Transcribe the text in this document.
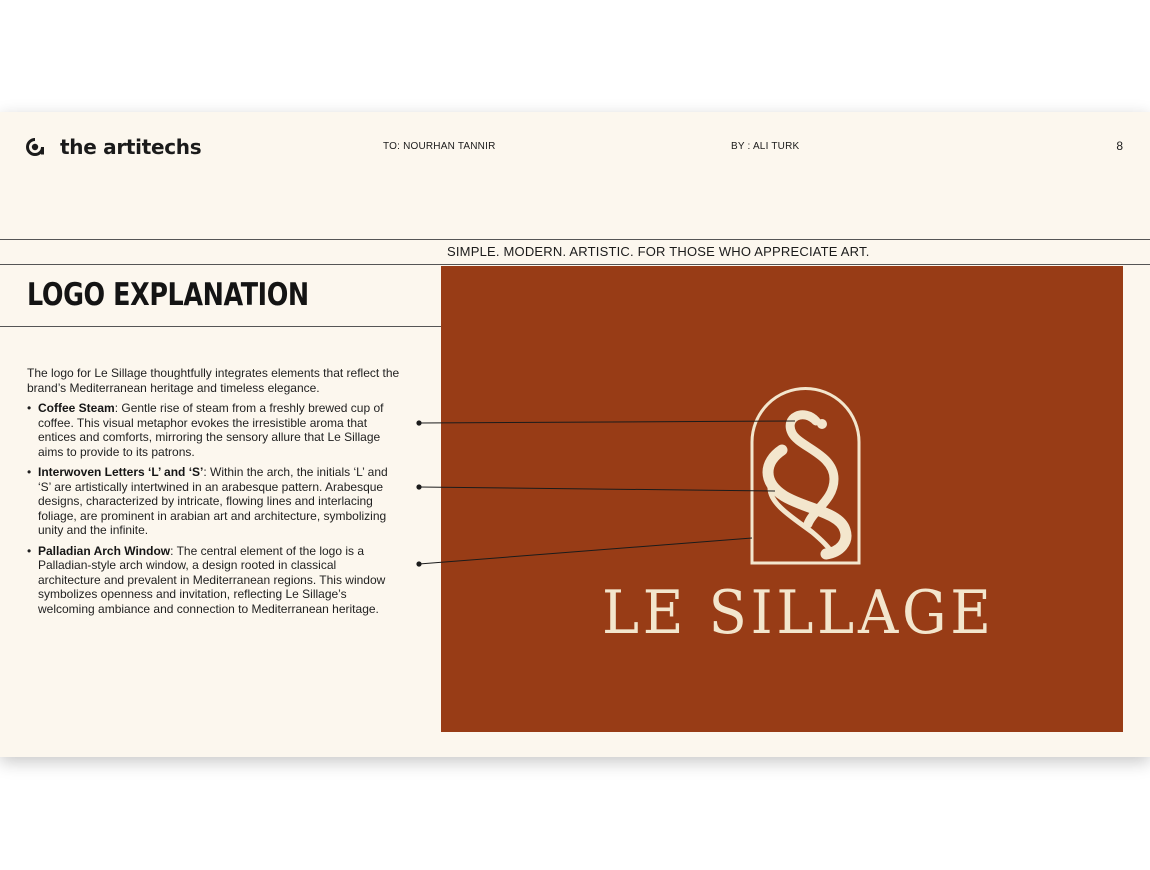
the artitechs	TO: NOURHAN TANNIR	BY : ALI TURK	8
SIMPLE. MODERN. ARTISTIC. FOR THOSE WHO APPRECIATE ART.
LOGO EXPLANATION

The logo for Le Sillage thoughtfully integrates elements that reflect the brand’s Mediterranean heritage and timeless elegance.

• Coffee Steam: Gentle rise of steam from a freshly brewed cup of coffee. This visual metaphor evokes the irresistible aroma that entices and comforts, mirroring the sensory allure that Le Sillage aims to provide to its patrons.
• Interwoven Letters ‘L’ and ‘S’: Within the arch, the initials ‘L’ and ‘S’ are artistically intertwined in an arabesque pattern. Arabesque designs, characterized by intricate, flowing lines and interlacing foliage, are prominent in arabian art and architecture, symbolizing unity and the infinite.
• Palladian Arch Window: The central element of the logo is a Palladian-style arch window, a design rooted in classical architecture and prevalent in Mediterranean regions. This window symbolizes openness and invitation, reflecting Le Sillage’s welcoming ambiance and connection to Mediterranean heritage.	LE SILLAGE
